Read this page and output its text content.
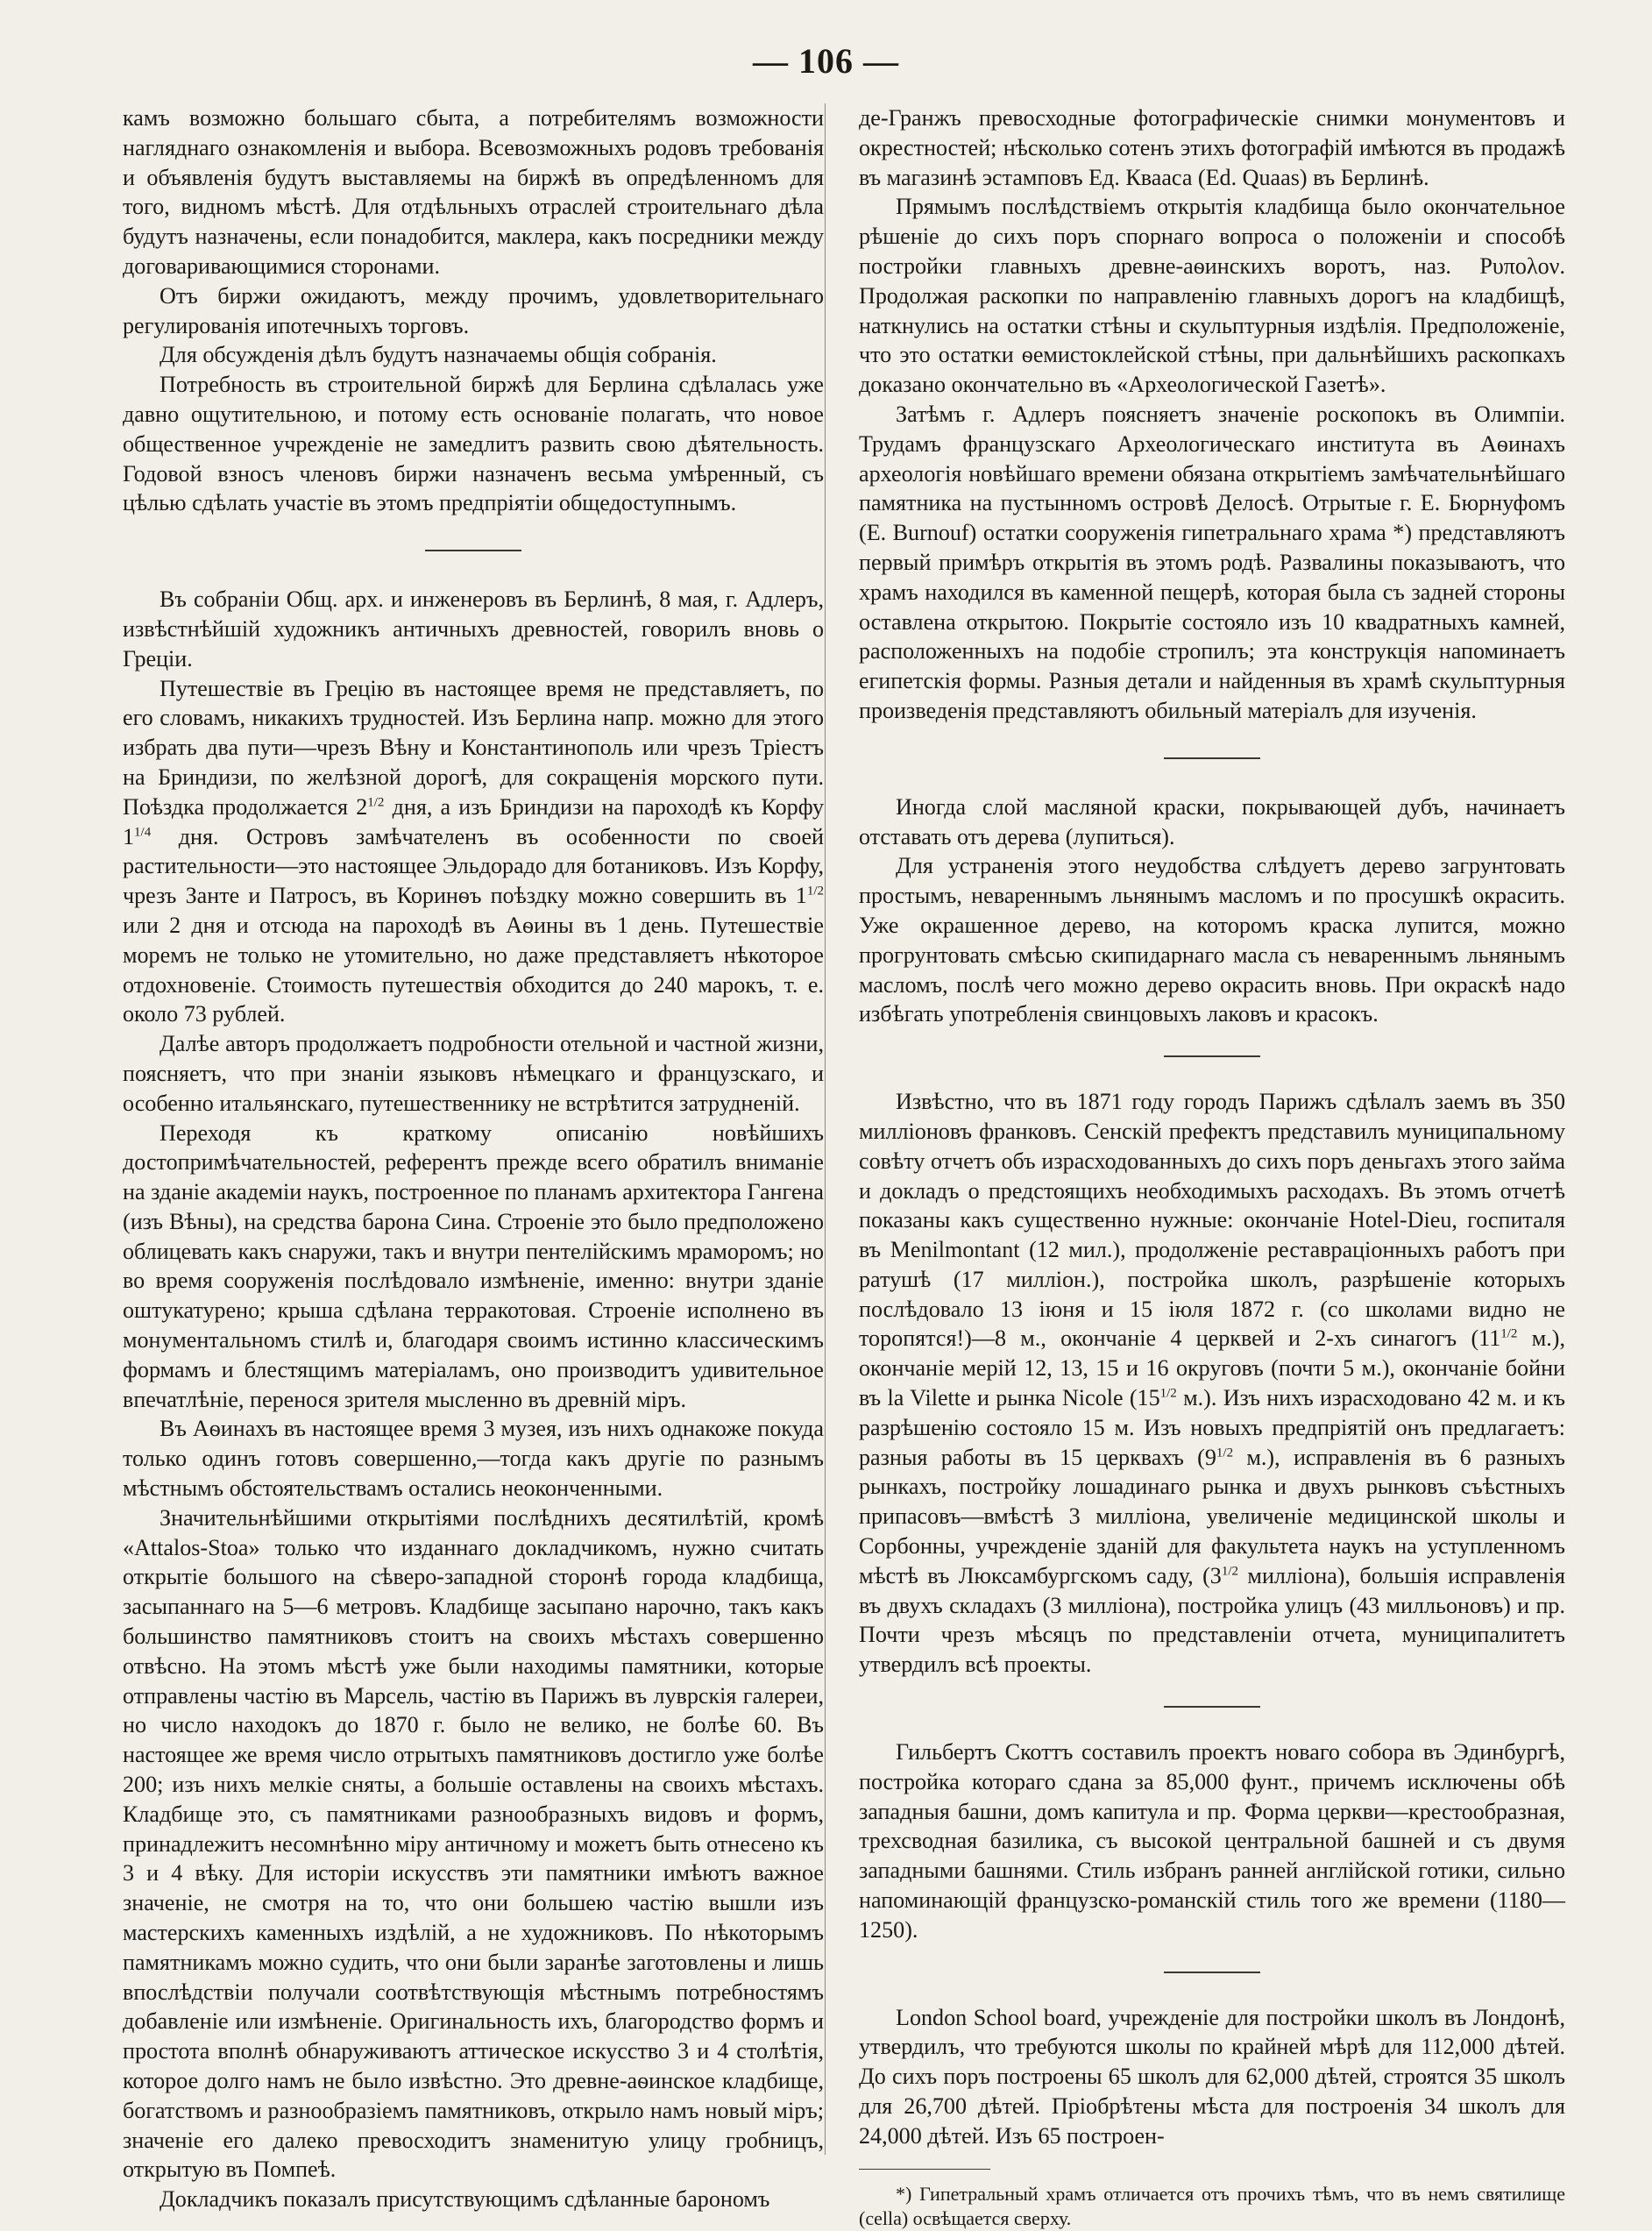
— 106 —

камъ возможно большаго сбыта, а потребителямъ возможности нагляднаго ознакомленія и выбора. Всевозможныхъ родовъ требованія и объявленія будутъ выставляемы на биржѣ въ опредѣленномъ для того, видномъ мѣстѣ. Для отдѣльныхъ отраслей строительнаго дѣла будутъ назначены, если понадобится, маклера, какъ посредники между договаривающимися сторонами.

Отъ биржи ожидаютъ, между прочимъ, удовлетворительнаго регулированія ипотечныхъ торговъ.

Для обсужденія дѣлъ будутъ назначаемы общія собранія.

Потребность въ строительной биржѣ для Берлина сдѣлалась уже давно ощутительною, и потому есть основаніе полагать, что новое общественное учрежденіе не замедлитъ развить свою дѣятельность. Годовой взносъ членовъ биржи назначенъ весьма умѣренный, съ цѣлью сдѣлать участіе въ этомъ предпріятіи общедоступнымъ.

Въ собраніи Общ. арх. и инженеровъ въ Берлинѣ, 8 мая, г. Адлеръ, извѣстнѣйшій художникъ античныхъ древностей, говорилъ вновь о Греціи.

Путешествіе въ Грецію въ настоящее время не представляетъ, по его словамъ, никакихъ трудностей. Изъ Берлина напр. можно для этого избрать два пути—чрезъ Вѣну и Константинополь или чрезъ Тріестъ на Бриндизи, по желѣзной дорогѣ, для сокращенія морского пути. Поѣздка продолжается $2^{1/2}$ дня, а изъ Бриндизи на пароходѣ къ Корфу $1^{1/4}$ дня. Островъ замѣчателенъ въ особенности по своей растительности—это настоящее Эльдорадо для ботаниковъ. Изъ Корфу, чрезъ Занте и Патросъ, въ Коринѳъ поѣздку можно совершить въ $1^{1/2}$ или 2 дня и отсюда на пароходѣ въ Аѳины въ 1 день. Путешествіе моремъ не только не утомительно, но даже представляетъ нѣкоторое отдохновеніе. Стоимость путешествія обходится до 240 марокъ, т. е. около 73 рублей.

Далѣе авторъ продолжаетъ подробности отельной и частной жизни, поясняетъ, что при знаніи языковъ нѣмецкаго и французскаго, и особенно итальянскаго, путешественнику не встрѣтится затрудненій.

Переходя къ краткому описанію новѣйшихъ достопримѣчательностей, референтъ прежде всего обратилъ вниманіе на зданіе академіи наукъ, построенное по планамъ архитектора Гангена (изъ Вѣны), на средства барона Сина. Строеніе это было предположено облицевать какъ снаружи, такъ и внутри пентелійскимъ мраморомъ; но во время сооруженія послѣдовало измѣненіе, именно: внутри зданіе оштукатурено; крыша сдѣлана терракотовая. Строеніе исполнено въ монументальномъ стилѣ и, благодаря своимъ истинно классическимъ формамъ и блестящимъ матеріаламъ, оно производитъ удивительное впечатлѣніе, перенося зрителя мысленно въ древній міръ.

Въ Аѳинахъ въ настоящее время 3 музея, изъ нихъ однакоже покуда только одинъ готовъ совершенно,—тогда какъ другіе по разнымъ мѣстнымъ обстоятельствамъ остались неоконченными.

Значительнѣйшими открытіями послѣднихъ десятилѣтій, кромѣ «Attalos-Stoa» только что изданнаго докладчикомъ, нужно считать открытіе большого на сѣверо-западной сторонѣ города кладбища, засыпаннаго на 5—6 метровъ. Кладбище засыпано нарочно, такъ какъ большинство памятниковъ стоитъ на своихъ мѣстахъ совершенно отвѣсно. На этомъ мѣстѣ уже были находимы памятники, которые отправлены частію въ Марсель, частію въ Парижъ въ луврскія галереи, но число находокъ до 1870 г. было не велико, не болѣе 60. Въ настоящее же время число отрытыхъ памятниковъ достигло уже болѣе 200; изъ нихъ мелкіе сняты, а большіе оставлены на своихъ мѣстахъ. Кладбище это, съ памятниками разнообразныхъ видовъ и формъ, принадлежитъ несомнѣнно міру античному и можетъ быть отнесено къ 3 и 4 вѣку. Для исторіи искусствъ эти памятники имѣютъ важное значеніе, не смотря на то, что они большею частію вышли изъ мастерскихъ каменныхъ издѣлій, а не художниковъ. По нѣкоторымъ памятникамъ можно судить, что они были заранѣе заготовлены и лишь впослѣдствіи получали соотвѣтствующія мѣстнымъ потребностямъ добавленіе или измѣненіе. Оригинальность ихъ, благородство формъ и простота вполнѣ обнаруживаютъ аттическое искусство 3 и 4 столѣтія, которое долго намъ не было извѣстно. Это древне-аѳинское кладбище, богатствомъ и разнообразіемъ памятниковъ, открыло намъ новый міръ; значеніе его далеко превосходитъ знаменитую улицу гробницъ, открытую въ Помпеѣ.

Докладчикъ показалъ присутствующимъ сдѣланные барономъ

де-Гранжъ превосходные фотографическіе снимки монументовъ и окрестностей; нѣсколько сотенъ этихъ фотографій имѣются въ продажѣ въ магазинѣ эстамповъ Ед. Квааса (Ed. Quaas) въ Берлинѣ.

Прямымъ послѣдствіемъ открытія кладбища было окончательное рѣшеніе до сихъ поръ спорнаго вопроса о положеніи и способѣ постройки главныхъ древне-аѳинскихъ воротъ, наз. Ρυπολον. Продолжая раскопки по направленію главныхъ дорогъ на кладбищѣ, наткнулись на остатки стѣны и скульптурныя издѣлія. Предположеніе, что это остатки ѳемистоклейской стѣны, при дальнѣйшихъ раскопкахъ доказано окончательно въ «Археологической Газетѣ».

Затѣмъ г. Адлеръ поясняетъ значеніе роскопокъ въ Олимпіи. Трудамъ французскаго Археологическаго института въ Аѳинахъ археологія новѣйшаго времени обязана открытіемъ замѣчательнѣйшаго памятника на пустынномъ островѣ Делосѣ. Отрытые г. Е. Бюрнуфомъ (E. Burnouf) остатки сооруженія гипетральнаго храма *) представляютъ первый примѣръ открытія въ этомъ родѣ. Развалины показываютъ, что храмъ находился въ каменной пещерѣ, которая была съ задней стороны оставлена открытою. Покрытіе состояло изъ 10 квадратныхъ камней, расположенныхъ на подобіе стропилъ; эта конструкція напоминаетъ египетскія формы. Разныя детали и найденныя въ храмѣ скульптурныя произведенія представляютъ обильный матеріалъ для изученія.

Иногда слой масляной краски, покрывающей дубъ, начинаетъ отставать отъ дерева (лупиться).

Для устраненія этого неудобства слѣдуетъ дерево загрунтовать простымъ, невареннымъ льнянымъ масломъ и по просушкѣ окрасить. Уже окрашенное дерево, на которомъ краска лупится, можно прогрунтовать смѣсью скипидарнаго масла съ невареннымъ льнянымъ масломъ, послѣ чего можно дерево окрасить вновь. При окраскѣ надо избѣгать употребленія свинцовыхъ лаковъ и красокъ.

Извѣстно, что въ 1871 году городъ Парижъ сдѣлалъ заемъ въ 350 милліоновъ франковъ. Сенскій префектъ представилъ муниципальному совѣту отчетъ объ израсходованныхъ до сихъ поръ деньгахъ этого займа и докладъ о предстоящихъ необходимыхъ расходахъ. Въ этомъ отчетѣ показаны какъ существенно нужные: окончаніе Hotel-Dieu, госпиталя въ Menilmontant (12 мил.), продолженіе реставраціонныхъ работъ при ратушѣ (17 милліон.), постройка школъ, разрѣшеніе которыхъ послѣдовало 13 іюня и 15 іюля 1872 г. (со школами видно не торопятся!)—8 м., окончаніе 4 церквей и 2-хъ синагогъ ($11^{1/2}$ м.), окончаніе мерій 12, 13, 15 и 16 округовъ (почти 5 м.), окончаніе бойни въ la Vilette и рынка Nicole ($15^{1/2}$ м.). Изъ нихъ израсходовано 42 м. и къ разрѣшенію состояло 15 м. Изъ новыхъ предпріятій онъ предлагаетъ: разныя работы въ 15 церквахъ ($9^{1/2}$ м.), исправленія въ 6 разныхъ рынкахъ, постройку лошадинаго рынка и двухъ рынковъ съѣстныхъ припасовъ—вмѣстѣ 3 милліона, увеличеніе медицинской школы и Сорбонны, учрежденіе зданій для факультета наукъ на уступленномъ мѣстѣ въ Люксамбургскомъ саду, ($3^{1/2}$ милліона), большія исправленія въ двухъ складахъ (3 милліона), постройка улицъ (43 милльоновъ) и пр. Почти чрезъ мѣсяцъ по представленіи отчета, муниципалитетъ утвердилъ всѣ проекты.

Гильбертъ Скоттъ составилъ проектъ новаго собора въ Эдинбургѣ, постройка котораго сдана за 85,000 фунт., причемъ исключены обѣ западныя башни, домъ капитула и пр. Форма церкви—крестообразная, трехсводная базилика, съ высокой центральной башней и съ двумя западными башнями. Стиль избранъ ранней англійской готики, сильно напоминающій французско-романскій стиль того же времени (1180—1250).

London School board, учрежденіе для постройки школъ въ Лондонѣ, утвердилъ, что требуются школы по крайней мѣрѣ для 112,000 дѣтей. До сихъ поръ построены 65 школъ для 62,000 дѣтей, строятся 35 школъ для 26,700 дѣтей. Пріобрѣтены мѣста для построенія 34 школъ для 24,000 дѣтей. Изъ 65 построен-

*) Гипетральный храмъ отличается отъ прочихъ тѣмъ, что въ немъ святилище (cella) освѣщается сверху.
